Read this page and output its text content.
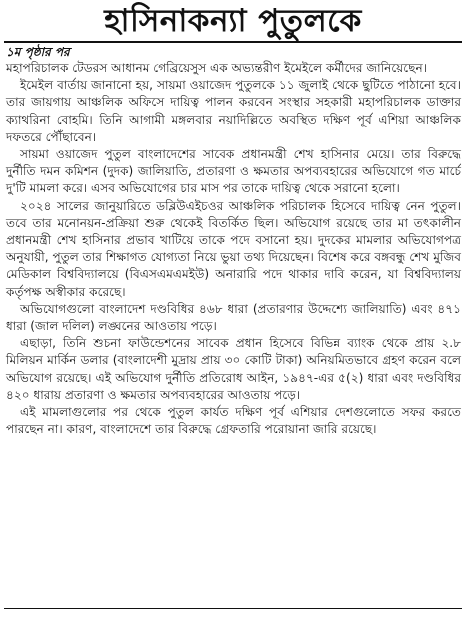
হাসিনাকন্যা পুতুলকে
১ম পৃষ্ঠার পর

মহাপরিচালক টেডরস আধানম গেব্রিয়েসুস এক অভ্যন্তরীণ ইমেইলে কর্মীদের জানিয়েছেন।

ইমেইল বার্তায় জানানো হয়, সায়মা ওয়াজেদ পুতুলকে ১১ জুলাই থেকে ছুটিতে পাঠানো হবে। তার জায়গায় আঞ্চলিক অফিসে দায়িত্ব পালন করবেন সংস্থার সহকারী মহাপরিচালক ডাক্তার ক্যাথরিনা বোহমি। তিনি আগামী মঙ্গলবার নয়াদিল্লিতে অবস্থিত দক্ষিণ পূর্ব এশিয়া আঞ্চলিক দফতরে পৌঁছাবেন।

সায়মা ওয়াজেদ পুতুল বাংলাদেশের সাবেক প্রধানমন্ত্রী শেখ হাসিনার মেয়ে। তার বিরুদ্ধে দুর্নীতি দমন কমিশন (দুদক) জালিয়াতি, প্রতারণা ও ক্ষমতার অপব্যবহারের অভিযোগে গত মার্চে দু'টি মামলা করে। এসব অভিযোগের চার মাস পর তাকে দায়িত্ব থেকে সরানো হলো।

২০২৪ সালের জানুয়ারিতে ডব্লিউএইচওর আঞ্চলিক পরিচালক হিসেবে দায়িত্ব নেন পুতুল। তবে তার মনোনয়ন-প্রক্রিয়া শুরু থেকেই বিতর্কিত ছিল। অভিযোগ রয়েছে তার মা তৎকালীন প্রধানমন্ত্রী শেখ হাসিনার প্রভাব খাটিয়ে তাকে পদে বসানো হয়। দুদকের মামলার অভিযোগপত্র অনুযায়ী, পুতুল তার শিক্ষাগত যোগ্যতা নিয়ে ভুয়া তথ্য দিয়েছেন। বিশেষ করে বঙ্গবন্ধু শেখ মুজিব মেডিকাল বিশ্ববিদ্যালয়ে (বিএসএমএমইউ) অনারারি পদে থাকার দাবি করেন, যা বিশ্ববিদ্যালয় কর্তৃপক্ষ অস্বীকার করেছে।

অভিযোগগুলো বাংলাদেশ দণ্ডবিধির ৪৬৮ ধারা (প্রতারণার উদ্দেশ্যে জালিয়াতি) এবং ৪৭১ ধারা (জাল দলিল) লঙ্ঘনের আওতায় পড়ে।

এছাড়া, তিনি শুচনা ফাউন্ডেশনের সাবেক প্রধান হিসেবে বিভিন্ন ব্যাংক থেকে প্রায় ২.৮ মিলিয়ন মার্কিন ডলার (বাংলাদেশী মুদ্রায় প্রায় ৩০ কোটি টাকা) অনিয়মিতভাবে গ্রহণ করেন বলে অভিযোগ রয়েছে। এই অভিযোগ দুর্নীতি প্রতিরোধ আইন, ১৯৪৭-এর ৫(২) ধারা এবং দণ্ডবিধির ৪২০ ধারায় প্রতারণা ও ক্ষমতার অপব্যবহারের আওতায় পড়ে।

এই মামলাগুলোর পর থেকে পুতুল কার্যত দক্ষিণ পূর্ব এশিয়ার দেশগুলোতে সফর করতে পারছেন না। কারণ, বাংলাদেশে তার বিরুদ্ধে গ্রেফতারি পরোয়ানা জারি রয়েছে।
